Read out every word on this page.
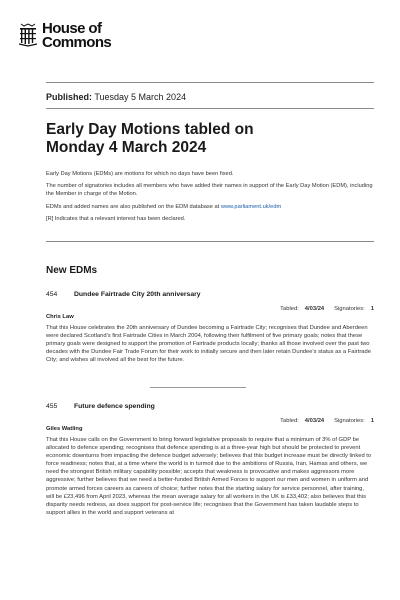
House of
Commons
Published: Tuesday 5 March 2024
Early Day Motions tabled on
Monday 4 March 2024

Early Day Motions (EDMs) are motions for which no days have been fixed.

The number of signatories includes all members who have added their names in support of the Early Day Motion (EDM), including the Member in charge of the Motion.

EDMs and added names are also published on the EDM database at www.parliament.uk/edm

[R] Indicates that a relevant interest has been declared.

New EDMs
454	Dundee Fairtrade City 20th anniversary
Tabled: 4/03/24 Signatories: 1
Chris Law
That this House celebrates the 20th anniversary of Dundee becoming a Fairtrade City; recognises that Dundee and Aberdeen were declared Scotland's first Fairtrade Cities in March 2004, following their fulfilment of five primary goals; notes that these primary goals were designed to support the promotion of Fairtrade products locally; thanks all those involved over the past two decades with the Dundee Fair Trade Forum for their work to initially secure and then later retain Dundee's status as a Fairtrade City; and wishes all involved all the best for the future.
455	Future defence spending
Tabled: 4/03/24 Signatories: 1
Giles Watling
That this House calls on the Government to bring forward legislative proposals to require that a minimum of 3% of GDP be allocated to defence spending; recognises that defence spending is at a three-year high but should be protected to prevent economic downturns from impacting the defence budget adversely; believes that this budget increase must be directly linked to force readiness; notes that, at a time where the world is in turmoil due to the ambitions of Russia, Iran, Hamas and others, we need the strongest British military capability possible; accepts that weakness is provocative and makes aggressors more aggressive; further believes that we need a better-funded British Armed Forces to support our men and women in uniform and promote armed forces careers as careers of choice; further notes that the starting salary for service personnel, after training, will be £23,496 from April 2023, whereas the mean average salary for all workers in the UK is £33,402; also believes that this disparity needs redress, as does support for post-service life; recognises that the Government has taken laudable steps to support allies in the world and support veterans at
